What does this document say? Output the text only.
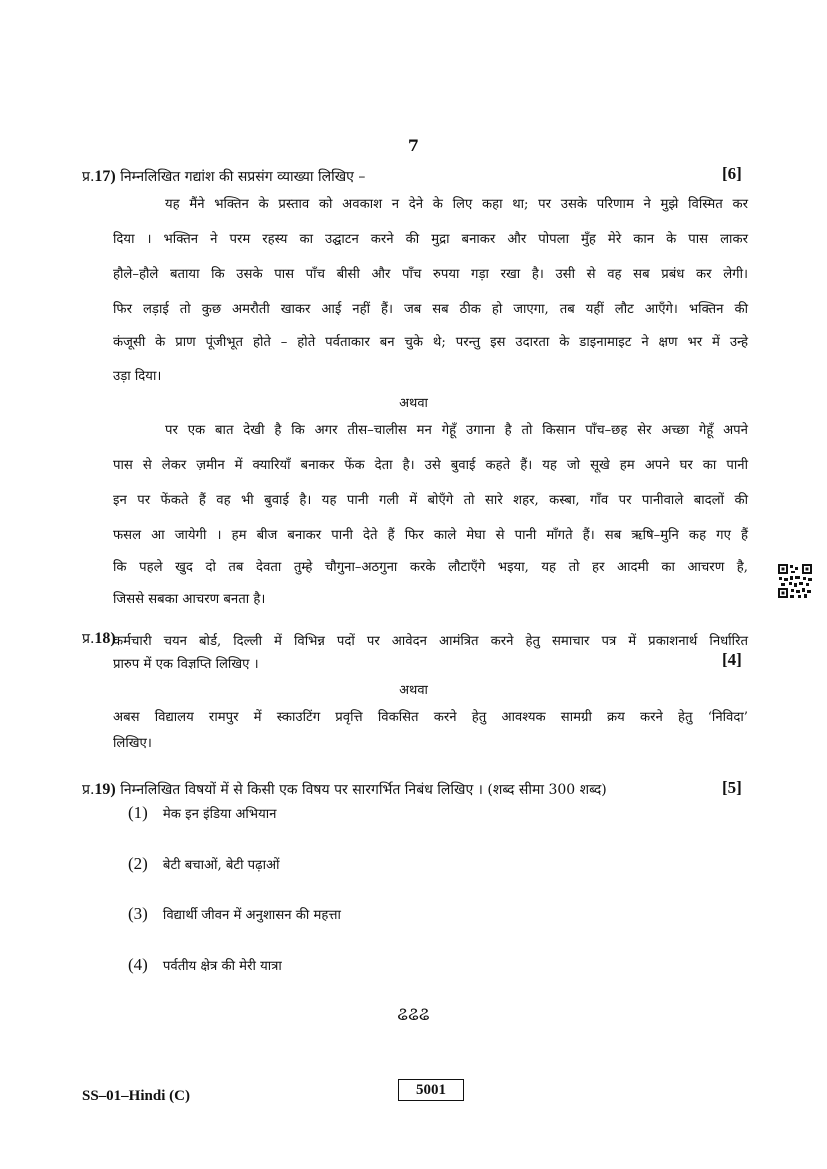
7
प्र.17) निम्नलिखित गद्यांश की सप्रसंग व्याख्या लिखिए –	[6]
यह मैंने भक्तिन के प्रस्ताव को अवकाश न देने के लिए कहा था; पर उसके परिणाम ने मुझे विस्मित कर
दिया । भक्तिन ने परम रहस्य का उद्घाटन करने की मुद्रा बनाकर और पोपला मुँह मेरे कान के पास लाकर
हौले–हौले बताया कि उसके पास पाँच बीसी और पाँच रुपया गड़ा रखा है। उसी से वह सब प्रबंध कर लेगी।
फिर लड़ाई तो कुछ अमरौती खाकर आई नहीं हैं। जब सब ठीक हो जाएगा, तब यहीं लौट आएँगे। भक्तिन की
कंजूसी के प्राण पूंजीभूत होते – होते पर्वताकार बन चुके थे; परन्तु इस उदारता के डाइनामाइट ने क्षण भर में उन्हे
उड़ा दिया।
अथवा
पर एक बात देखी है कि अगर तीस–चालीस मन गेहूँ उगाना है तो किसान पाँच–छह सेर अच्छा गेहूँ अपने
पास से लेकर ज़मीन में क्यारियाँ बनाकर फेंक देता है। उसे बुवाई कहते हैं। यह जो सूखे हम अपने घर का पानी
इन पर फेंकते हैं वह भी बुवाई है। यह पानी गली में बोएँगे तो सारे शहर, कस्बा, गाँव पर पानीवाले बादलों की
फसल आ जायेगी । हम बीज बनाकर पानी देते हैं फिर काले मेघा से पानी माँगते हैं। सब ऋषि–मुनि कह गए हैं
कि पहले खुद दो तब देवता तुम्हे चौगुना–अठगुना करके लौटाएँगे भइया, यह तो हर आदमी का आचरण है,
जिससे सबका आचरण बनता है।
प्र.18)
कर्मचारी चयन बोर्ड, दिल्ली में विभिन्न पदों पर आवेदन आमंत्रित करने हेतु समाचार पत्र में प्रकाशनार्थ निर्धारित
प्रारुप में एक विज्ञप्ति लिखिए ।	[4]
अथवा
अबस विद्यालय रामपुर में स्काउटिंग प्रवृत्ति विकसित करने हेतु आवश्यक सामग्री क्रय करने हेतु ‘निविदा’
लिखिए।
प्र.19) निम्नलिखित विषयों में से किसी एक विषय पर सारगर्भित निबंध लिखिए । (शब्द सीमा 300 शब्द)	[5]
(1) मेक इन इंडिया अभियान
(2) बेटी बचाओं, बेटी पढ़ाओं
(3) विद्यार्थी जीवन में अनुशासन की महत्ता
(4) पर्वतीय क्षेत्र की मेरी यात्रा
ଌଌଌ
SS–01–Hindi (C)	5001
